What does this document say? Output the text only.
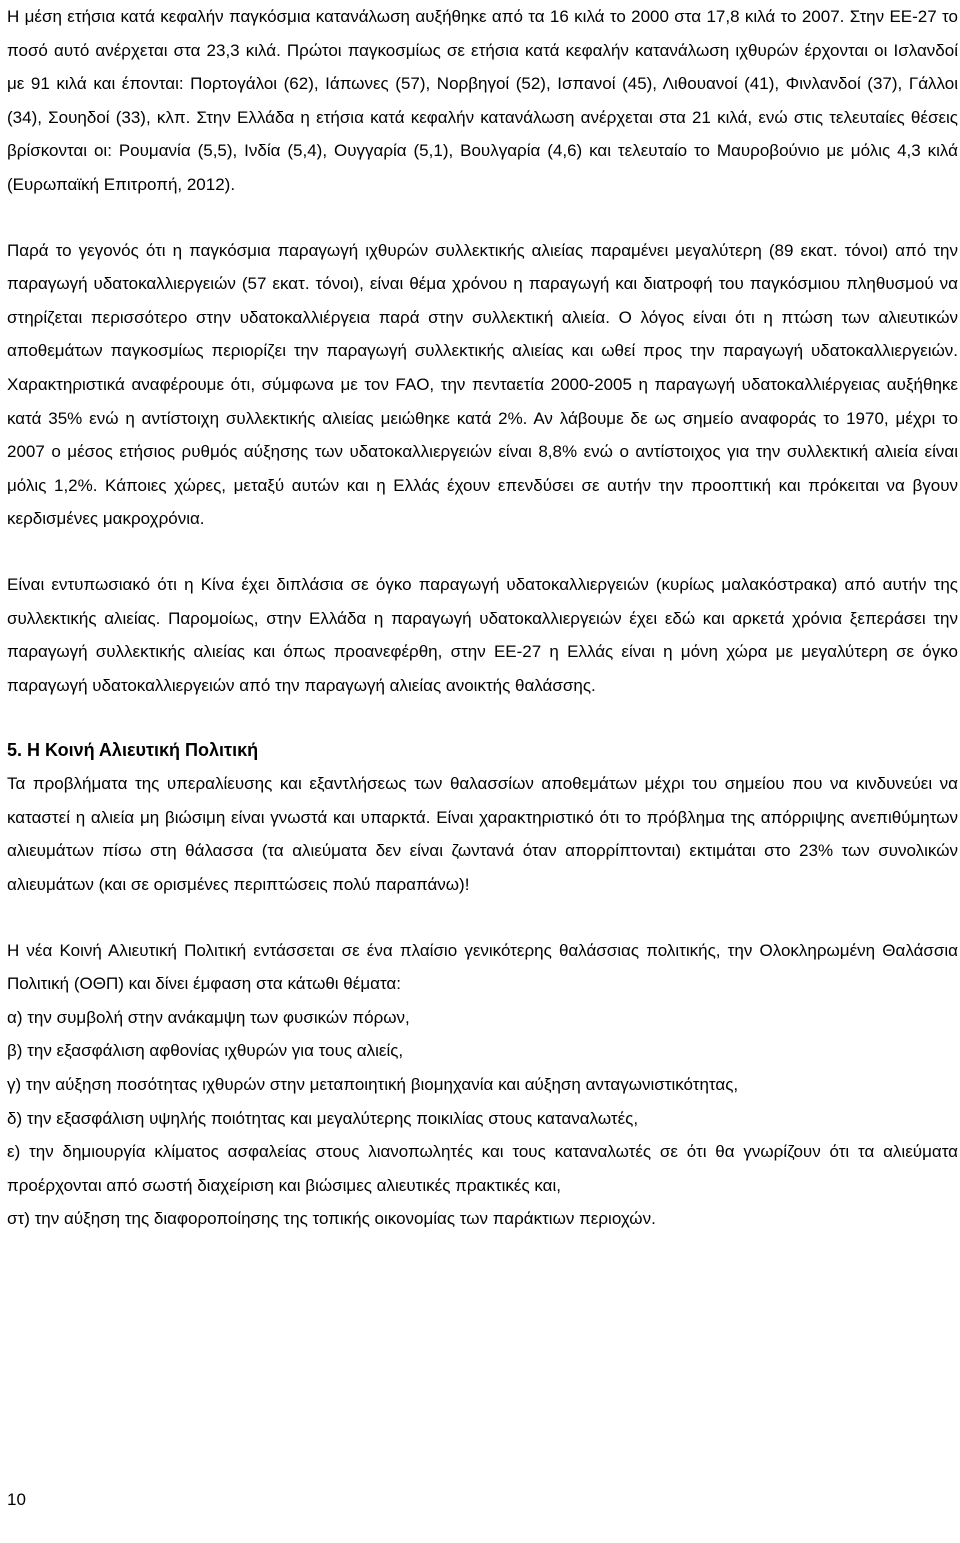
Η μέση ετήσια κατά κεφαλήν παγκόσμια κατανάλωση αυξήθηκε από τα 16 κιλά το 2000 στα 17,8 κιλά το 2007. Στην ΕΕ-27 το ποσό αυτό ανέρχεται στα 23,3 κιλά. Πρώτοι παγκοσμίως σε ετήσια κατά κεφαλήν κατανάλωση ιχθυρών έρχονται οι Ισλανδοί με 91 κιλά και έπονται: Πορτογάλοι (62), Ιάπωνες (57), Νορβηγοί (52), Ισπανοί (45), Λιθουανοί (41), Φινλανδοί (37), Γάλλοι (34), Σουηδοί (33), κλπ. Στην Ελλάδα η ετήσια κατά κεφαλήν κατανάλωση ανέρχεται στα 21 κιλά, ενώ στις τελευταίες θέσεις βρίσκονται οι: Ρουμανία (5,5), Ινδία (5,4), Ουγγαρία (5,1), Βουλγαρία (4,6) και τελευταίο το Μαυροβούνιο με μόλις 4,3 κιλά (Ευρωπαϊκή Επιτροπή, 2012).

Παρά το γεγονός ότι η παγκόσμια παραγωγή ιχθυρών συλλεκτικής αλιείας παραμένει μεγαλύτερη (89 εκατ. τόνοι) από την παραγωγή υδατοκαλλιεργειών (57 εκατ. τόνοι), είναι θέμα χρόνου η παραγωγή και διατροφή του παγκόσμιου πληθυσμού να στηρίζεται περισσότερο στην υδατοκαλλιέργεια παρά στην συλλεκτική αλιεία. Ο λόγος είναι ότι η πτώση των αλιευτικών αποθεμάτων παγκοσμίως περιορίζει την παραγωγή συλλεκτικής αλιείας και ωθεί προς την παραγωγή υδατοκαλλιεργειών. Χαρακτηριστικά αναφέρουμε ότι, σύμφωνα με τον FAO, την πενταετία 2000-2005 η παραγωγή υδατοκαλλιέργειας αυξήθηκε κατά 35% ενώ η αντίστοιχη συλλεκτικής αλιείας μειώθηκε κατά 2%. Αν λάβουμε δε ως σημείο αναφοράς το 1970, μέχρι το 2007 ο μέσος ετήσιος ρυθμός αύξησης των υδατοκαλλιεργειών είναι 8,8% ενώ ο αντίστοιχος για την συλλεκτική αλιεία είναι μόλις 1,2%. Κάποιες χώρες, μεταξύ αυτών και η Ελλάς έχουν επενδύσει σε αυτήν την προοπτική και πρόκειται να βγουν κερδισμένες μακροχρόνια.

Είναι εντυπωσιακό ότι η Κίνα έχει διπλάσια σε όγκο παραγωγή υδατοκαλλιεργειών (κυρίως μαλακόστρακα) από αυτήν της συλλεκτικής αλιείας. Παρομοίως, στην Ελλάδα η παραγωγή υδατοκαλλιεργειών έχει εδώ και αρκετά χρόνια ξεπεράσει την παραγωγή συλλεκτικής αλιείας και όπως προανεφέρθη, στην ΕΕ-27 η Ελλάς είναι η μόνη χώρα με μεγαλύτερη σε όγκο παραγωγή υδατοκαλλιεργειών από την παραγωγή αλιείας ανοικτής θαλάσσης.

5. Η Κοινή Αλιευτική Πολιτική

Τα προβλήματα της υπεραλίευσης και εξαντλήσεως των θαλασσίων αποθεμάτων μέχρι του σημείου που να κινδυνεύει να καταστεί η αλιεία μη βιώσιμη είναι γνωστά και υπαρκτά. Είναι χαρακτηριστικό ότι το πρόβλημα της απόρριψης ανεπιθύμητων αλιευμάτων πίσω στη θάλασσα (τα αλιεύματα δεν είναι ζωντανά όταν απορρίπτονται) εκτιμάται στο 23% των συνολικών αλιευμάτων (και σε ορισμένες περιπτώσεις πολύ παραπάνω)!

Η νέα Κοινή Αλιευτική Πολιτική εντάσσεται σε ένα πλαίσιο γενικότερης θαλάσσιας πολιτικής, την Ολοκληρωμένη Θαλάσσια Πολιτική (ΟΘΠ) και δίνει έμφαση στα κάτωθι θέματα:

α) την συμβολή στην ανάκαμψη των φυσικών πόρων,
β) την εξασφάλιση αφθονίας ιχθυρών για τους αλιείς,
γ) την αύξηση ποσότητας ιχθυρών στην μεταποιητική βιομηχανία και αύξηση ανταγωνιστικότητας,
δ) την εξασφάλιση υψηλής ποιότητας και μεγαλύτερης ποικιλίας στους καταναλωτές,
ε) την δημιουργία κλίματος ασφαλείας στους λιανοπωλητές και τους καταναλωτές σε ότι θα γνωρίζουν ότι τα αλιεύματα προέρχονται από σωστή διαχείριση και βιώσιμες αλιευτικές πρακτικές και,
στ) την αύξηση της διαφοροποίησης της τοπικής οικονομίας των παράκτιων περιοχών.
10
